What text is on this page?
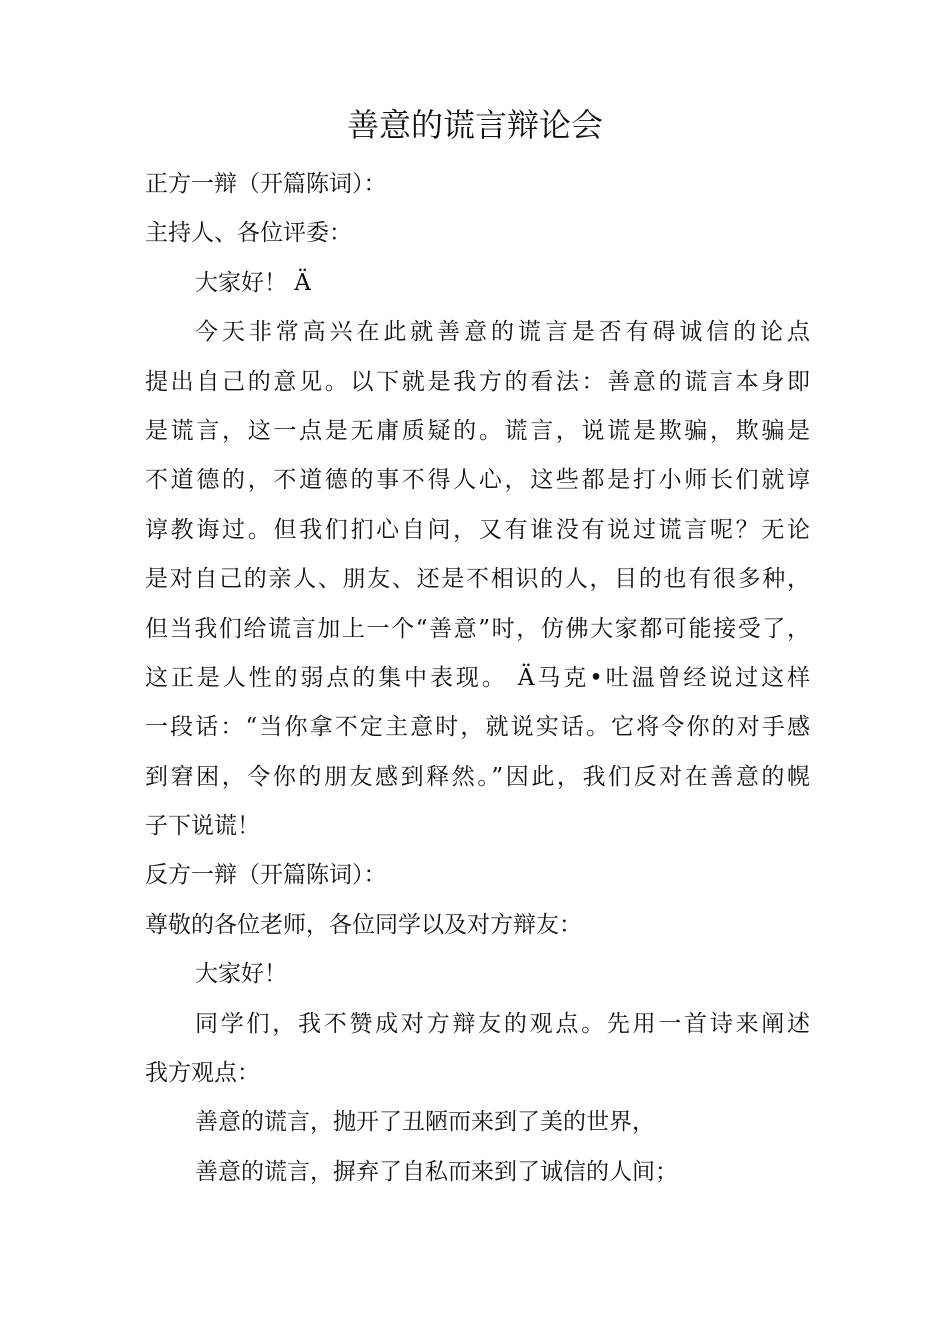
善意的谎言辩论会
正方一辩（开篇陈词）：
主持人、各位评委：
大家好！ Ä
今天非常高兴在此就善意的谎言是否有碍诚信的论点
提出自己的意见。以下就是我方的看法：善意的谎言本身即
是谎言，这一点是无庸质疑的。谎言，说谎是欺骗，欺骗是
不道德的，不道德的事不得人心，这些都是打小师长们就谆
谆教诲过。但我们扪心自问，又有谁没有说过谎言呢？无论
是对自己的亲人、朋友、还是不相识的人，目的也有很多种，
但当我们给谎言加上一个“善意”时，仿佛大家都可能接受了，
这正是人性的弱点的集中表现。 Ä马克•吐温曾经说过这样
一段话：“当你拿不定主意时，就说实话。它将令你的对手感
到窘困，令你的朋友感到释然。”因此，我们反对在善意的幌
子下说谎！
反方一辩（开篇陈词）：
尊敬的各位老师，各位同学以及对方辩友：
大家好！
同学们，我不赞成对方辩友的观点。先用一首诗来阐述
我方观点：
善意的谎言，抛开了丑陋而来到了美的世界，
善意的谎言，摒弃了自私而来到了诚信的人间；
